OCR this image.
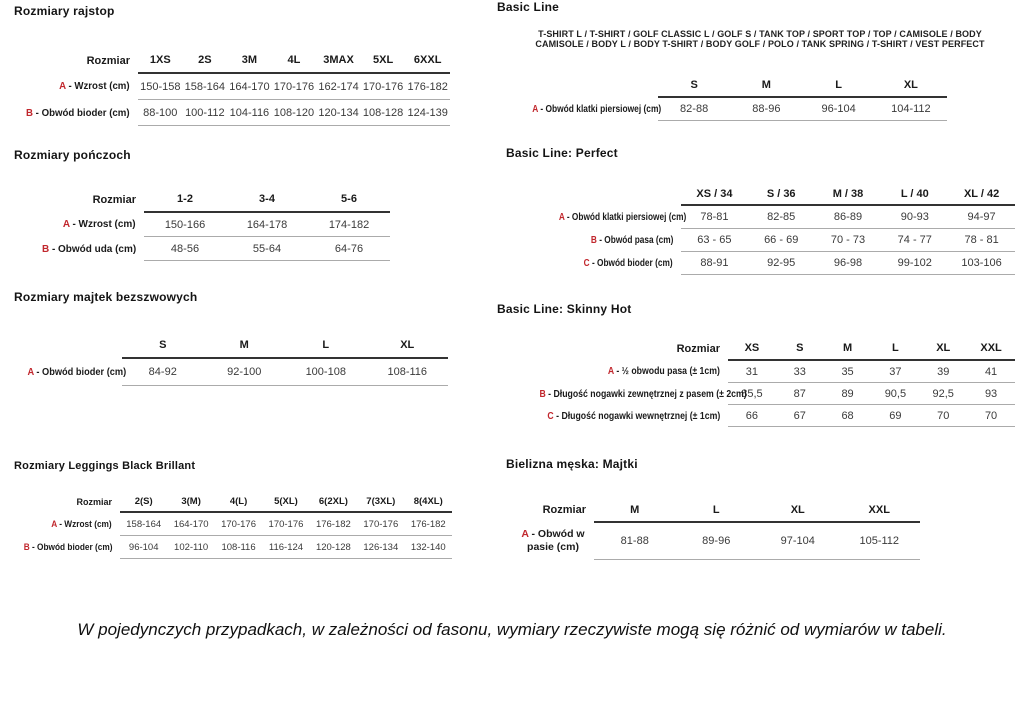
Rozmiary rajstop
Rozmiar	1XS	2S	3M	4L	3MAX	5XL	6XXL
A - Wzrost (cm)	150-158	158-164	164-170	170-176	162-174	170-176	176-182
B - Obwód bioder (cm)	88-100	100-112	104-116	108-120	120-134	108-128	124-139
Rozmiary pończoch
Rozmiar	1-2	3-4	5-6
A - Wzrost (cm)	150-166	164-178	174-182
B - Obwód uda (cm)	48-56	55-64	64-76
Rozmiary majtek bezszwowych
	S	M	L	XL
A - Obwód bioder (cm)	84-92	92-100	100-108	108-116
Rozmiary Leggings Black Brillant
Rozmiar	2(S)	3(M)	4(L)	5(XL)	6(2XL)	7(3XL)	8(4XL)
A - Wzrost (cm)	158-164	164-170	170-176	170-176	176-182	170-176	176-182
B - Obwód bioder (cm)	96-104	102-110	108-116	116-124	120-128	126-134	132-140
Basic Line
T-SHIRT L / T-SHIRT / GOLF CLASSIC L / GOLF S / TANK TOP / SPORT TOP / TOP / CAMISOLE / BODY
CAMISOLE / BODY L / BODY T-SHIRT / BODY GOLF / POLO / TANK SPRING / T-SHIRT / VEST PERFECT
	S	M	L	XL
A - Obwód klatki piersiowej (cm)	82-88	88-96	96-104	104-112
Basic Line: Perfect
	XS / 34	S / 36	M / 38	L / 40	XL / 42
A - Obwód klatki piersiowej (cm)	78-81	82-85	86-89	90-93	94-97
B - Obwód pasa (cm)	63 - 65	66 - 69	70 - 73	74 - 77	78 - 81
C - Obwód bioder (cm)	88-91	92-95	96-98	99-102	103-106
Basic Line: Skinny Hot
Rozmiar	XS	S	M	L	XL	XXL
A - ½ obwodu pasa (± 1cm)	31	33	35	37	39	41
B - Długość nogawki zewnętrznej z pasem (± 2cm)	85,5	87	89	90,5	92,5	93
C - Długość nogawki wewnętrznej (± 1cm)	66	67	68	69	70	70
Bielizna męska: Majtki
Rozmiar	M	L	XL	XXL
A - Obwód w pasie (cm)	81-88	89-96	97-104	105-112
W pojedynczych przypadkach, w zależności od fasonu, wymiary rzeczywiste mogą się różnić od wymiarów w tabeli.
